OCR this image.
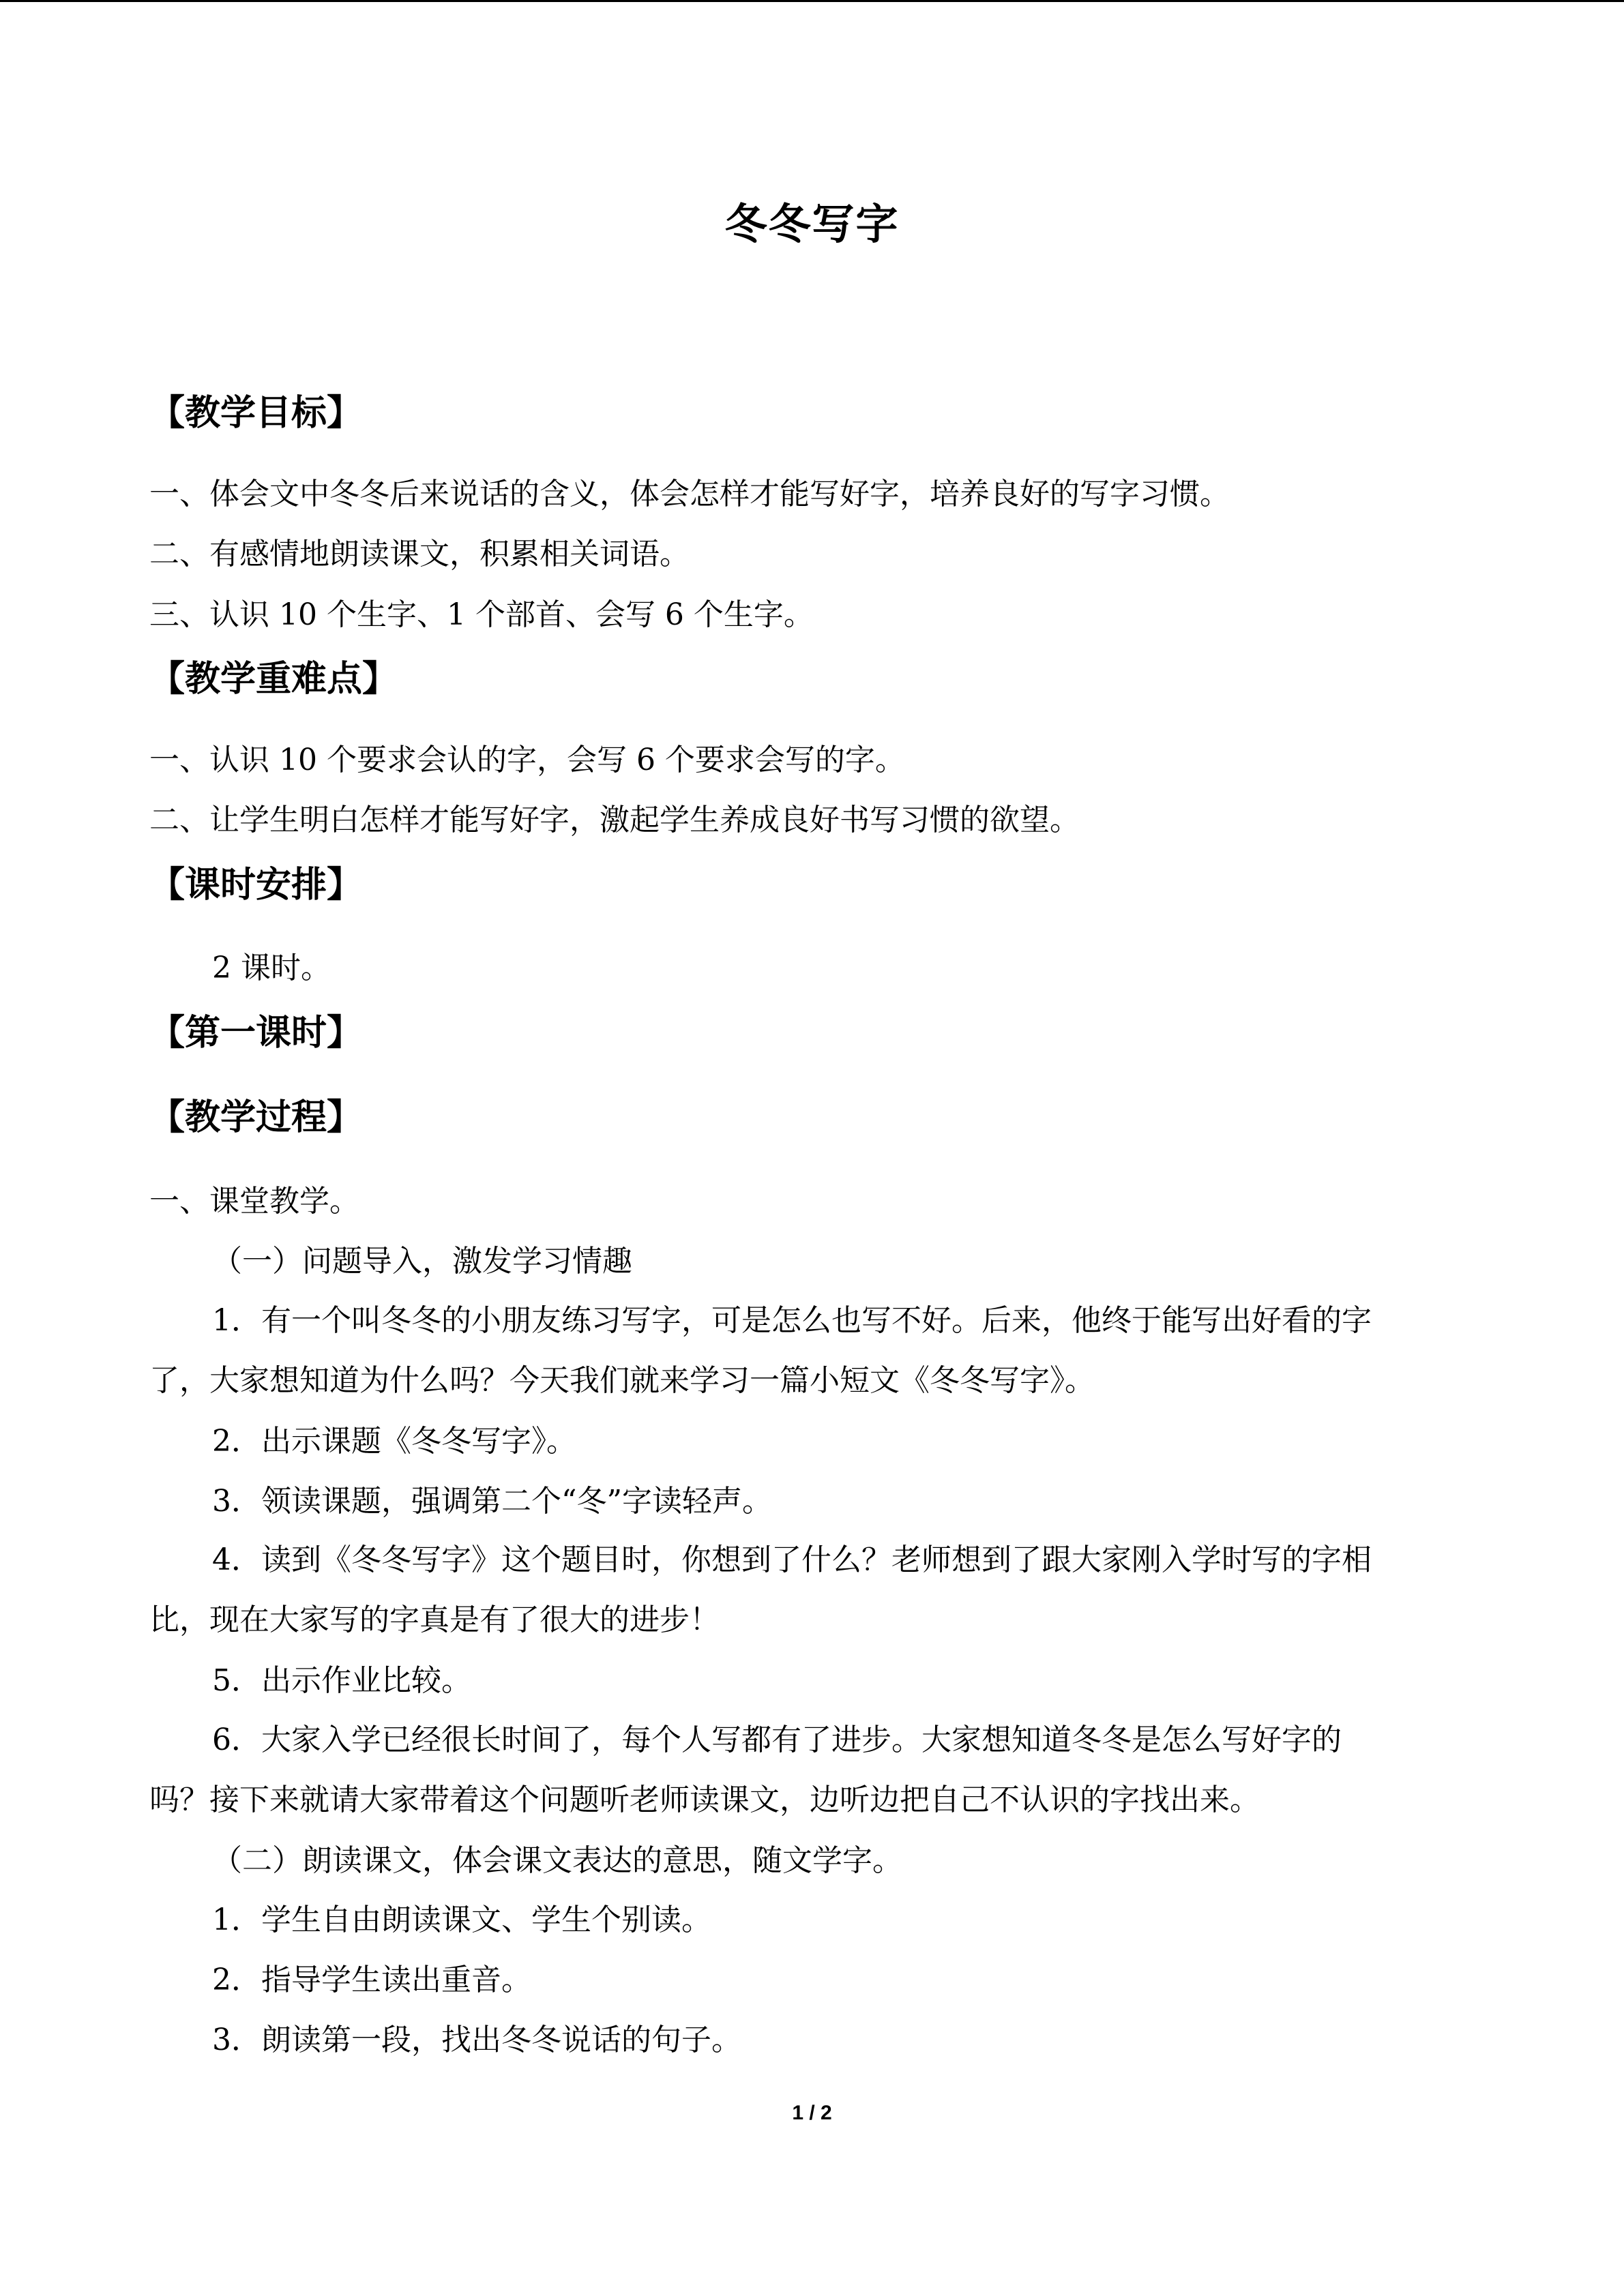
冬冬写字
【教学目标】
一、体会文中冬冬后来说话的含义，体会怎样才能写好字，培养良好的写字习惯。
二、有感情地朗读课文，积累相关词语。
三、认识 10 个生字、1 个部首、会写 6 个生字。
【教学重难点】
一、认识 10 个要求会认的字，会写 6 个要求会写的字。
二、让学生明白怎样才能写好字，激起学生养成良好书写习惯的欲望。
【课时安排】
2 课时。
【第一课时】
【教学过程】
一、课堂教学。
（一）问题导入，激发学习情趣
1．有一个叫冬冬的小朋友练习写字，可是怎么也写不好。后来，他终于能写出好看的字
了，大家想知道为什么吗？今天我们就来学习一篇小短文《冬冬写字》。
2．出示课题《冬冬写字》。
3．领读课题，强调第二个“冬”字读轻声。
4．读到《冬冬写字》这个题目时，你想到了什么？老师想到了跟大家刚入学时写的字相
比，现在大家写的字真是有了很大的进步！
5．出示作业比较。
6．大家入学已经很长时间了，每个人写都有了进步。大家想知道冬冬是怎么写好字的
吗？接下来就请大家带着这个问题听老师读课文，边听边把自己不认识的字找出来。
（二）朗读课文，体会课文表达的意思，随文学字。
1．学生自由朗读课文、学生个别读。
2．指导学生读出重音。
3．朗读第一段，找出冬冬说话的句子。
1 / 2
